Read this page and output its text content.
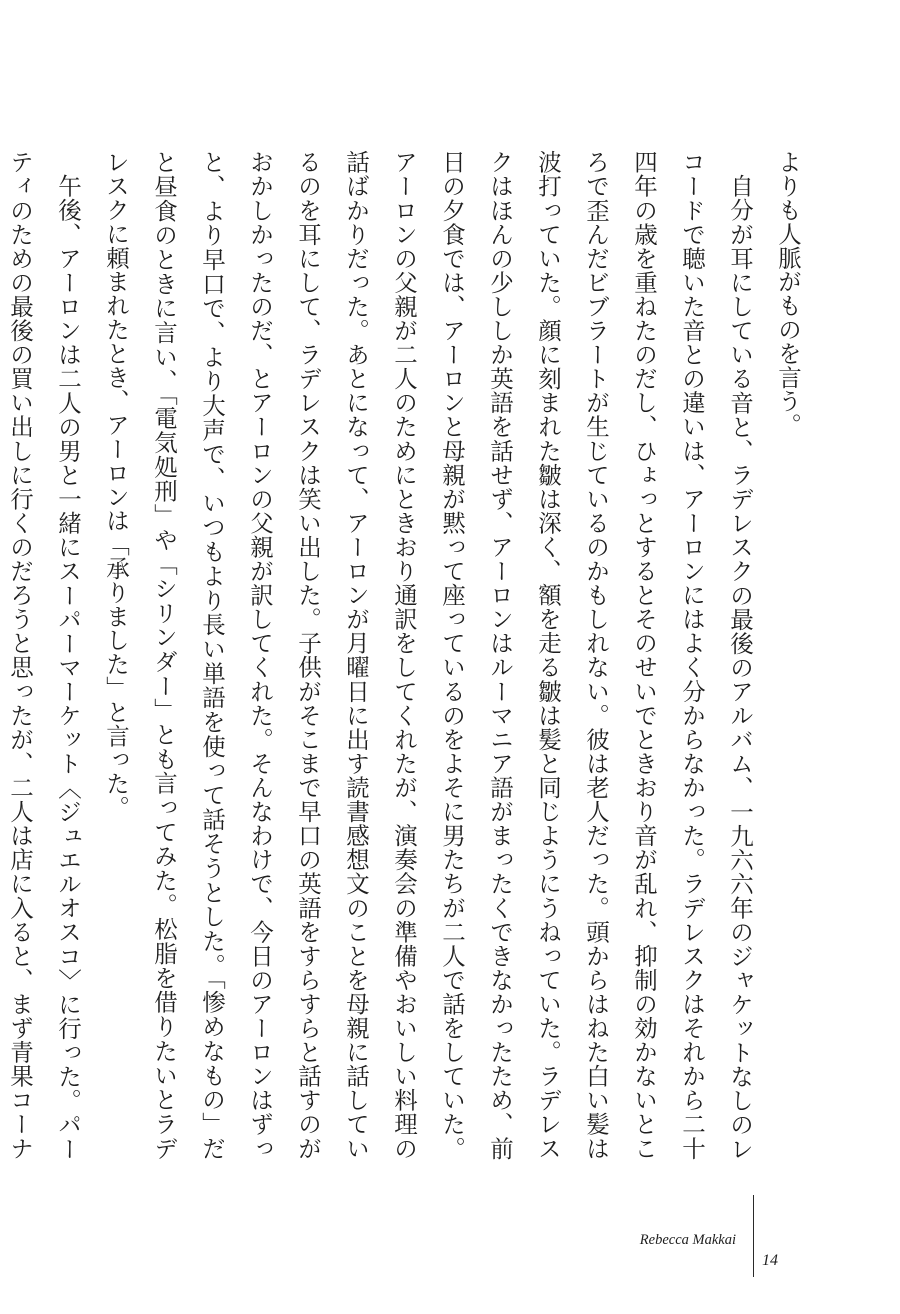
よりも人脈がものを言う。

自分が耳にしている音と、ラデレスクの最後のアルバム、一九六六年のジャケットなしのレコードで聴いた音との違いは、アーロンにはよく分からなかった。ラデレスクはそれから二十四年の歳を重ねたのだし、ひょっとするとそのせいでときおり音が乱れ、抑制の効かないところで歪んだビブラートが生じているのかもしれない。彼は老人だった。頭からはねた白い髪は波打っていた。顔に刻まれた皺は深く、額を走る皺は髪と同じようにうねっていた。ラデレスクはほんの少ししか英語を話せず、アーロンはルーマニア語がまったくできなかったため、前日の夕食では、アーロンと母親が黙って座っているのをよそに男たちが二人で話をしていた。アーロンの父親が二人のためにときおり通訳をしてくれたが、演奏会の準備やおいしい料理の話ばかりだった。あとになって、アーロンが月曜日に出す読書感想文のことを母親に話しているのを耳にして、ラデレスクは笑い出した。子供がそこまで早口の英語をすらすらと話すのがおかしかったのだ、とアーロンの父親が訳してくれた。そんなわけで、今日のアーロンはずっと、より早口で、より大声で、いつもより長い単語を使って話そうとした。「惨めなもの」だと昼食のときに言い、「電気処刑」や「シリンダー」とも言ってみた。松脂を借りたいとラデレスクに頼まれたとき、アーロンは「承りました」と言った。

午後、アーロンは二人の男と一緒にスーパーマーケット〈ジュエルオスコ〉に行った。パーティのための最後の買い出しに行くのだろうと思ったが、二人は店に入ると、まず青果コーナ

Rebecca Makkai
14
